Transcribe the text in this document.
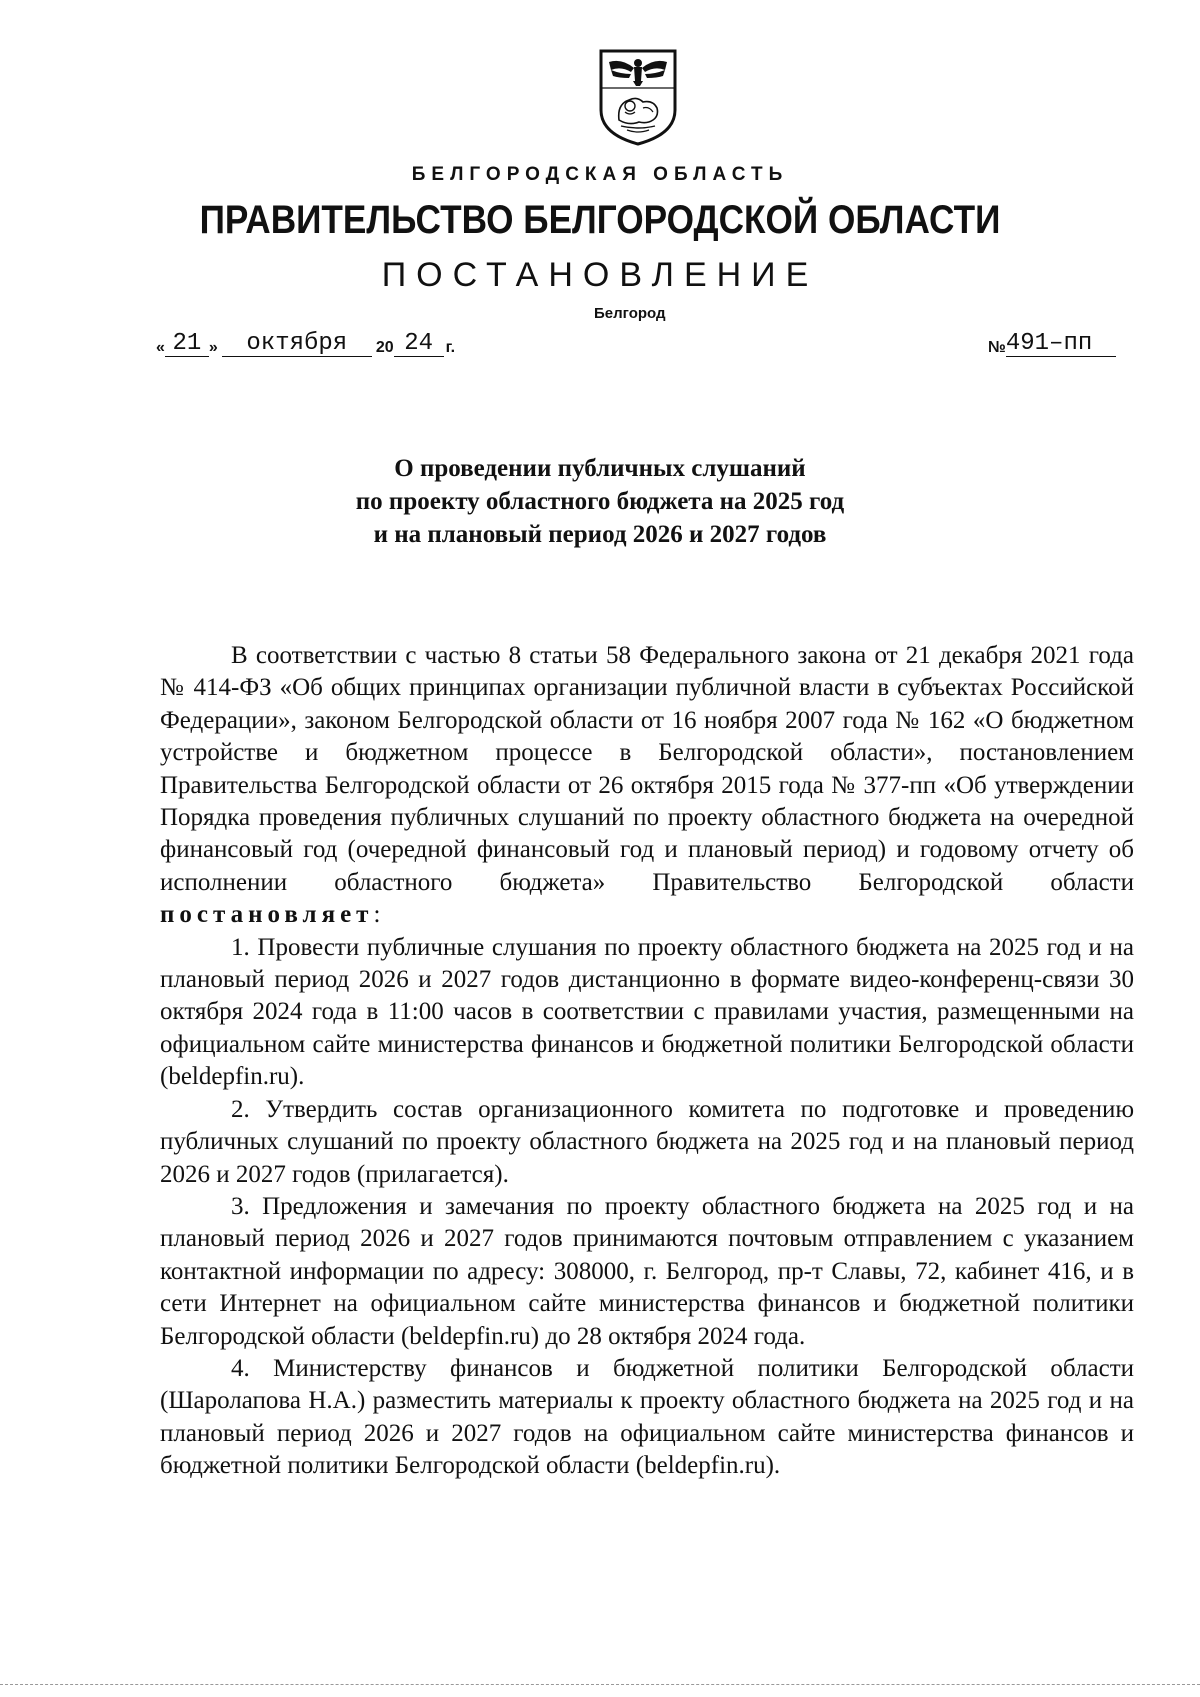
БЕЛГОРОДСКАЯ ОБЛАСТЬ
ПРАВИТЕЛЬСТВО БЕЛГОРОДСКОЙ ОБЛАСТИ
ПОСТАНОВЛЕНИЕ
Белгород
« 21 »	октября	20 24 г.	№ 491–пп
О проведении публичных слушаний
по проекту областного бюджета на 2025 год
и на плановый период 2026 и 2027 годов

В соответствии с частью 8 статьи 58 Федерального закона от 21 декабря 2021 года № 414-ФЗ «Об общих принципах организации публичной власти в субъектах Российской Федерации», законом Белгородской области от 16 ноября 2007 года № 162 «О бюджетном устройстве и бюджетном процессе в Белгородской области», постановлением Правительства Белгородской области от 26 октября 2015 года № 377-пп «Об утверждении Порядка проведения публичных слушаний по проекту областного бюджета на очередной финансовый год (очередной финансовый год и плановый период) и годовому отчету об исполнении областного бюджета» Правительство Белгородской области постановляет:

1. Провести публичные слушания по проекту областного бюджета на 2025 год и на плановый период 2026 и 2027 годов дистанционно в формате видео-конференц-связи 30 октября 2024 года в 11:00 часов в соответствии с правилами участия, размещенными на официальном сайте министерства финансов и бюджетной политики Белгородской области (beldepfin.ru).

2. Утвердить состав организационного комитета по подготовке и проведению публичных слушаний по проекту областного бюджета на 2025 год и на плановый период 2026 и 2027 годов (прилагается).

3. Предложения и замечания по проекту областного бюджета на 2025 год и на плановый период 2026 и 2027 годов принимаются почтовым отправлением с указанием контактной информации по адресу: 308000, г. Белгород, пр-т Славы, 72, кабинет 416, и в сети Интернет на официальном сайте министерства финансов и бюджетной политики Белгородской области (beldepfin.ru) до 28 октября 2024 года.

4. Министерству финансов и бюджетной политики Белгородской области (Шаролапова Н.А.) разместить материалы к проекту областного бюджета на 2025 год и на плановый период 2026 и 2027 годов на официальном сайте министерства финансов и бюджетной политики Белгородской области (beldepfin.ru).
